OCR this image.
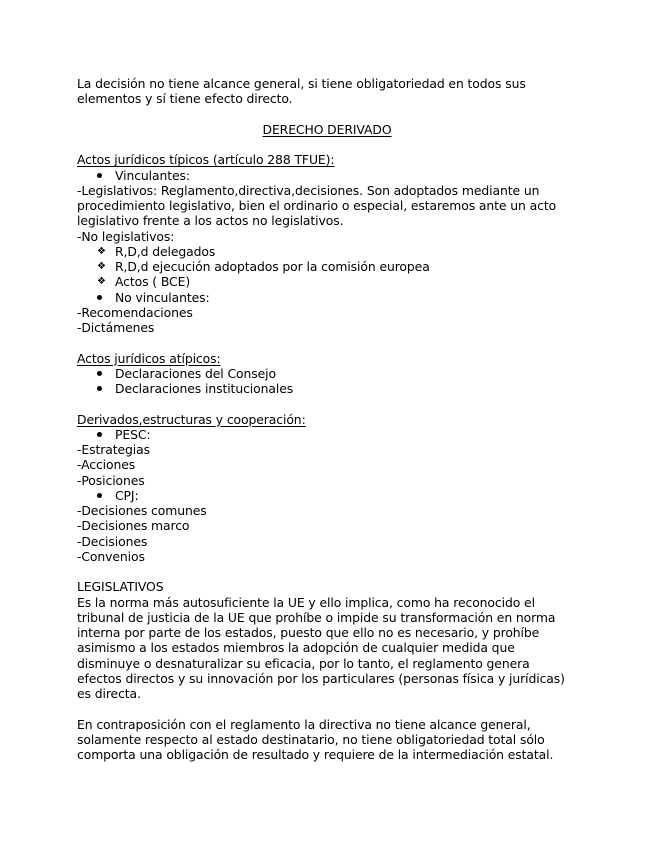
La decisión no tiene alcance general, si tiene obligatoriedad en todos sus elementos y sí tiene efecto directo.

DERECHO DERIVADO

Actos jurídicos típicos (artículo 288 TFUE):

Vinculantes:

-Legislativos: Reglamento,directiva,decisiones. Son adoptados mediante un procedimiento legislativo, bien el ordinario o especial, estaremos ante un acto legislativo frente a los actos no legislativos.

-No legislativos:

❖ R,D,d delegados
❖ R,D,d ejecución adoptados por la comisión europea
❖ Actos ( BCE)
No vinculantes:

-Recomendaciones

-Dictámenes

Actos jurídicos atípicos:

Declaraciones del Consejo
Declaraciones institucionales

Derivados,estructuras y cooperación:

PESC:

-Estrategias

-Acciones

-Posiciones

CPJ:

-Decisiones comunes

-Decisiones marco

-Decisiones

-Convenios

LEGISLATIVOS

Es la norma más autosuficiente la UE y ello implica, como ha reconocido el tribunal de justicia de la UE que prohíbe o impide su transformación en norma interna por parte de los estados, puesto que ello no es necesario, y prohíbe asimismo a los estados miembros la adopción de cualquier medida que disminuye o desnaturalizar su eficacia, por lo tanto, el reglamento genera efectos directos y su innovación por los particulares (personas física y jurídicas) es directa.

En contraposición con el reglamento la directiva no tiene alcance general, solamente respecto al estado destinatario, no tiene obligatoriedad total sólo comporta una obligación de resultado y requiere de la intermediación estatal.
